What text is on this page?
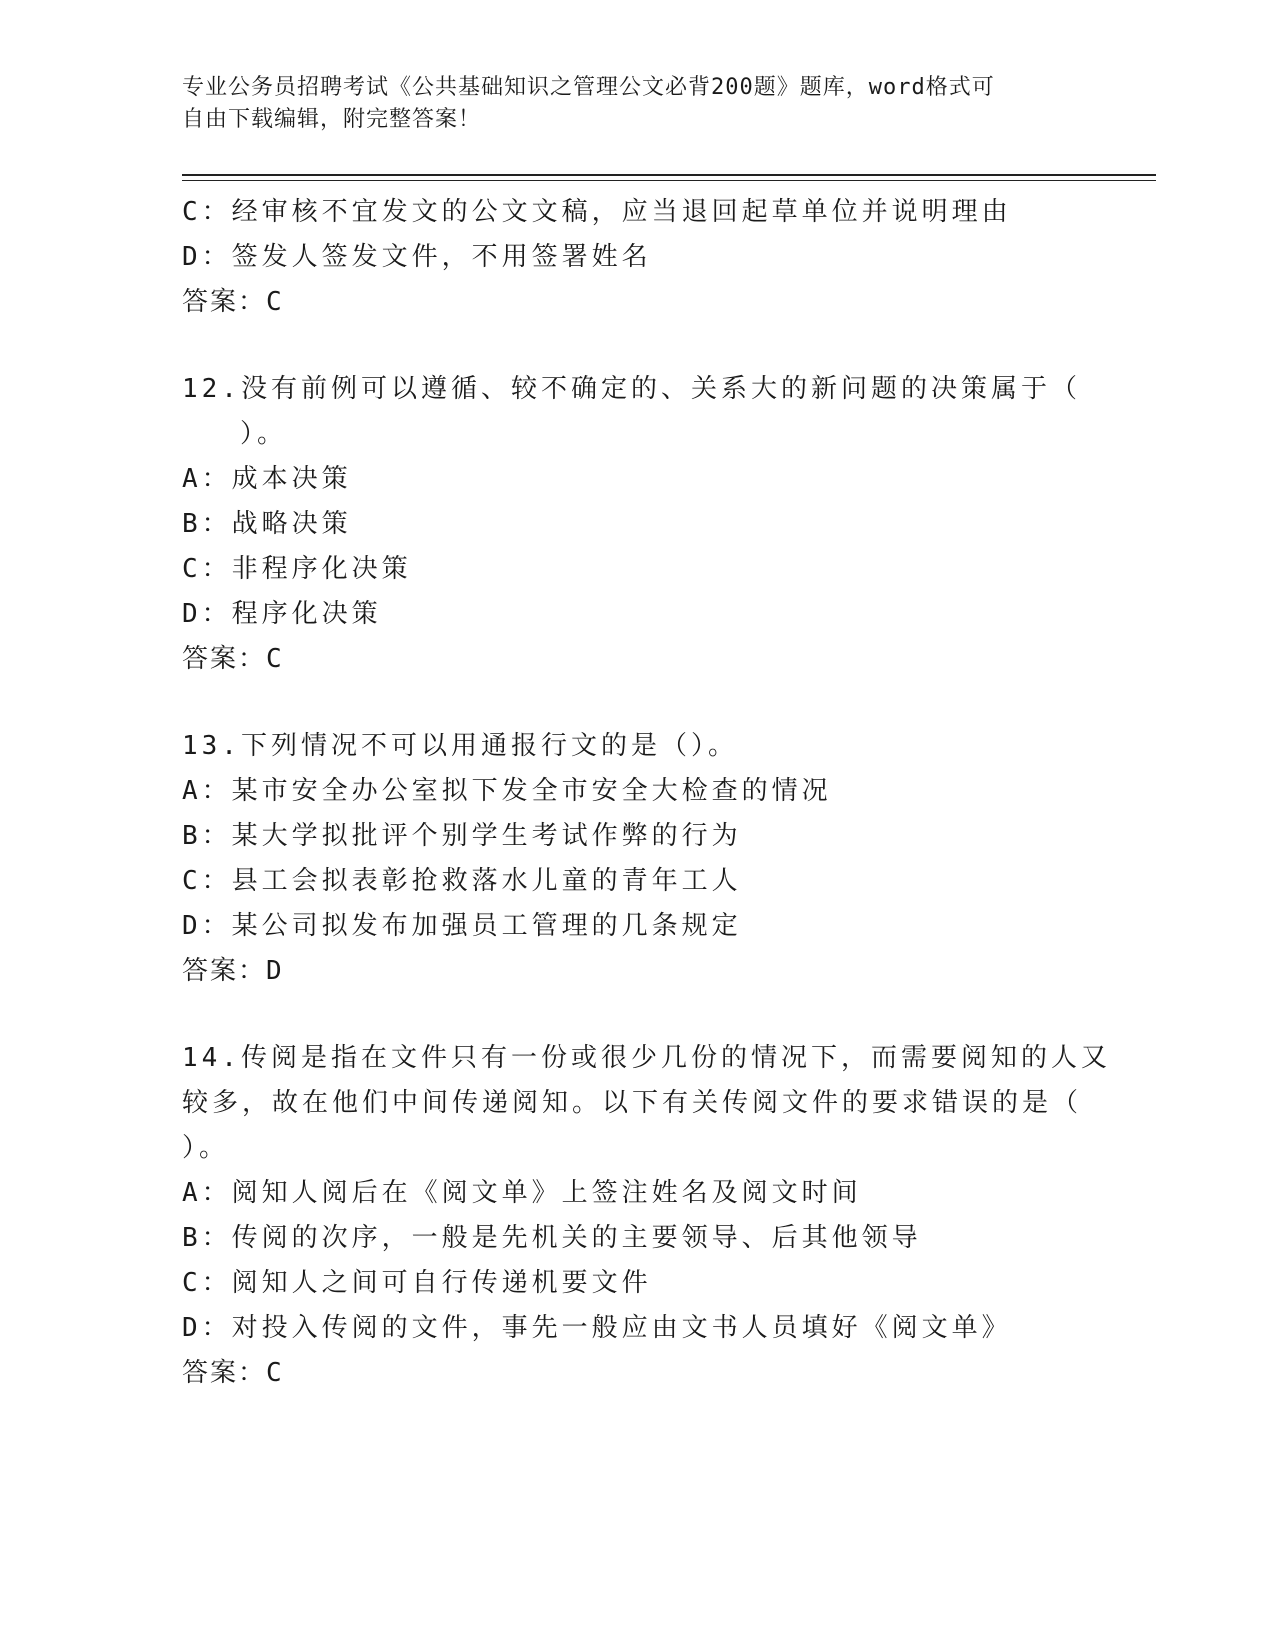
专业公务员招聘考试《公共基础知识之管理公文必背200题》题库，word格式可
自由下载编辑，附完整答案！
C：经审核不宜发文的公文文稿，应当退回起草单位并说明理由
D：签发人签发文件，不用签署姓名
答案：C
12.没有前例可以遵循、较不确定的、关系大的新问题的决策属于（
）。
A：成本决策
B：战略决策
C：非程序化决策
D：程序化决策
答案：C
13.下列情况不可以用通报行文的是（）。
A：某市安全办公室拟下发全市安全大检查的情况
B：某大学拟批评个别学生考试作弊的行为
C：县工会拟表彰抢救落水儿童的青年工人
D：某公司拟发布加强员工管理的几条规定
答案：D
14.传阅是指在文件只有一份或很少几份的情况下，而需要阅知的人又
较多，故在他们中间传递阅知。以下有关传阅文件的要求错误的是（
）。
A：阅知人阅后在《阅文单》上签注姓名及阅文时间
B：传阅的次序，一般是先机关的主要领导、后其他领导
C：阅知人之间可自行传递机要文件
D：对投入传阅的文件，事先一般应由文书人员填好《阅文单》
答案：C
